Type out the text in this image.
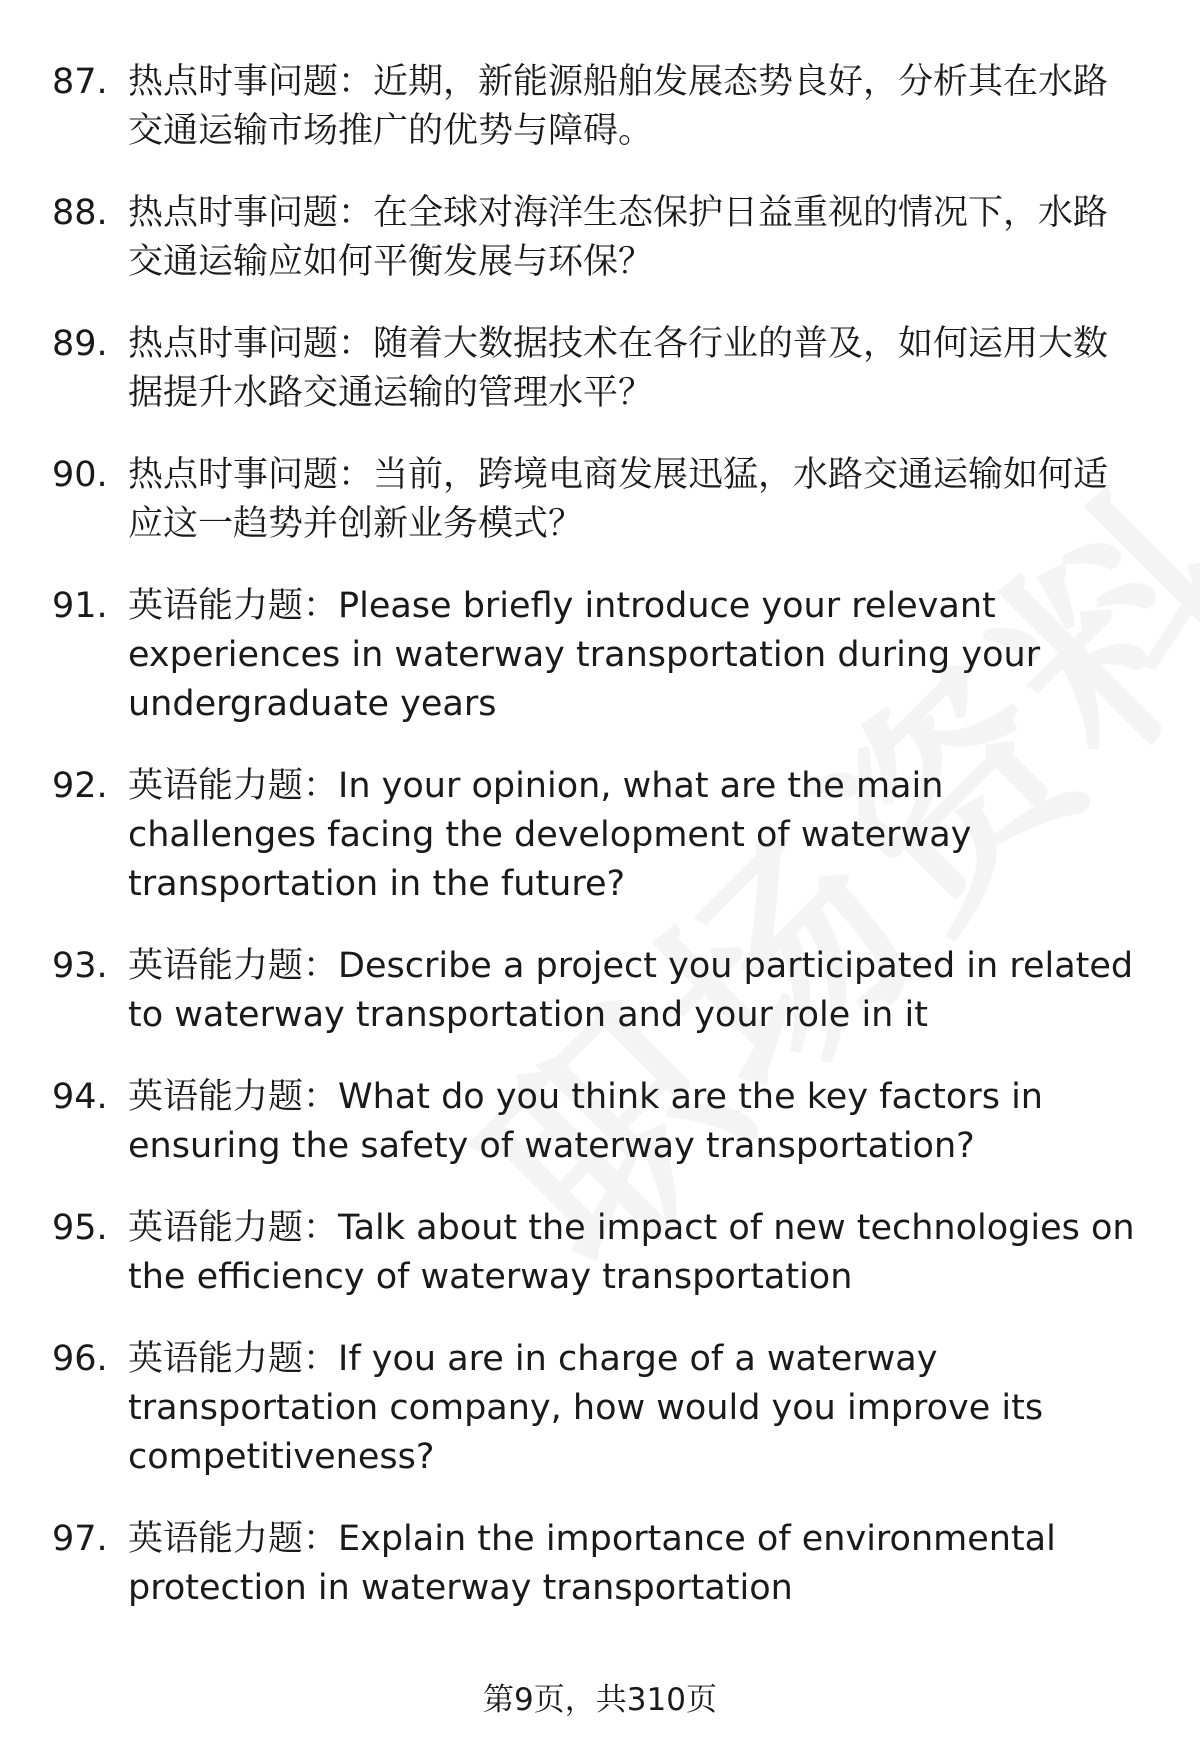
87. 热点时事问题：近期，新能源船舶发展态势良好，分析其在水路交通运输市场推广的优势与障碍。
88. 热点时事问题：在全球对海洋生态保护日益重视的情况下，水路交通运输应如何平衡发展与环保？
89. 热点时事问题：随着大数据技术在各行业的普及，如何运用大数据提升水路交通运输的管理水平？
90. 热点时事问题：当前，跨境电商发展迅猛，水路交通运输如何适应这一趋势并创新业务模式？
91. 英语能力题：Please briefly introduce your relevant experiences in waterway transportation during your undergraduate years
92. 英语能力题：In your opinion, what are the main challenges facing the development of waterway transportation in the future?
93. 英语能力题：Describe a project you participated in related to waterway transportation and your role in it
94. 英语能力题：What do you think are the key factors in ensuring the safety of waterway transportation?
95. 英语能力题：Talk about the impact of new technologies on the efficiency of waterway transportation
96. 英语能力题：If you are in charge of a waterway transportation company, how would you improve its competitiveness?
97. 英语能力题：Explain the importance of environmental protection in waterway transportation
第9页，共310页
